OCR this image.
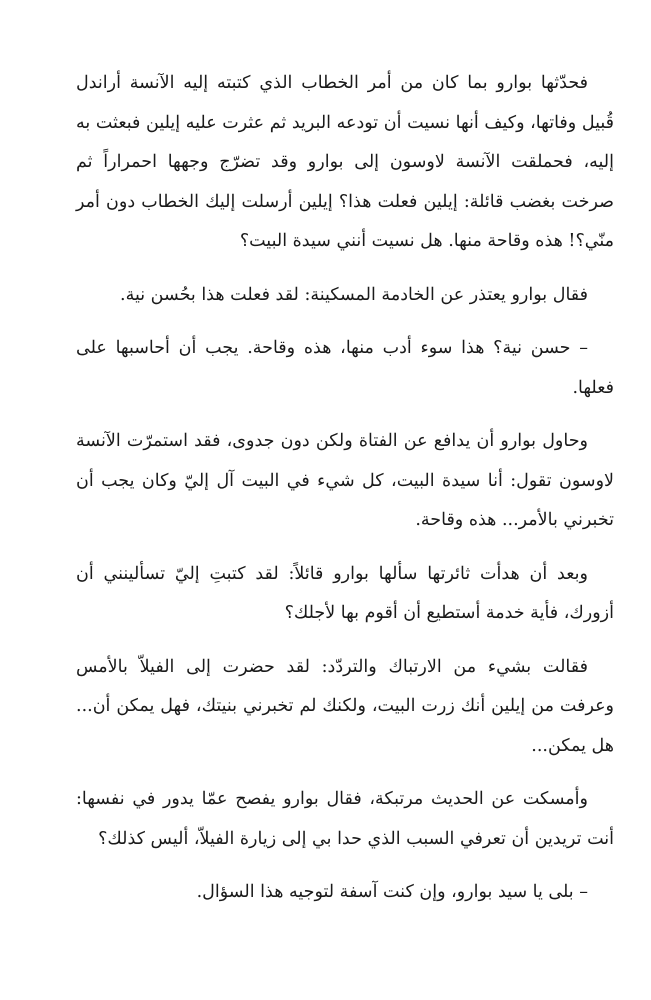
فحدّثها بوارو بما كان من أمر الخطاب الذي كتبته إليه الآنسة أراندل قُبيل وفاتها، وكيف أنها نسيت أن تودعه البريد ثم عثرت عليه إيلين فبعثت به إليه، فحملقت الآنسة لاوسون إلى بوارو وقد تضرّج وجهها احمراراً ثم صرخت بغضب قائلة: إيلين فعلت هذا؟ إيلين أرسلت إليك الخطاب دون أمر منّي؟! هذه وقاحة منها. هل نسيت أنني سيدة البيت؟

فقال بوارو يعتذر عن الخادمة المسكينة: لقد فعلت هذا بحُسن نية.

– حسن نية؟ هذا سوء أدب منها، هذه وقاحة. يجب أن أحاسبها على فعلها.

وحاول بوارو أن يدافع عن الفتاة ولكن دون جدوى، فقد استمرّت الآنسة لاوسون تقول: أنا سيدة البيت، كل شيء في البيت آل إليّ وكان يجب أن تخبرني بالأمر... هذه وقاحة.

وبعد أن هدأت ثائرتها سألها بوارو قائلاً: لقد كتبتِ إليّ تسألينني أن أزورك، فأية خدمة أستطيع أن أقوم بها لأجلك؟

فقالت بشيء من الارتباك والتردّد: لقد حضرت إلى الفيلاّ بالأمس وعرفت من إيلين أنك زرت البيت، ولكنك لم تخبرني بنيتك، فهل يمكن أن... هل يمكن...

وأمسكت عن الحديث مرتبكة، فقال بوارو يفصح عمّا يدور في نفسها: أنت تريدين أن تعرفي السبب الذي حدا بي إلى زيارة الفيلاّ، أليس كذلك؟

– بلى يا سيد بوارو، وإن كنت آسفة لتوجيه هذا السؤال.
